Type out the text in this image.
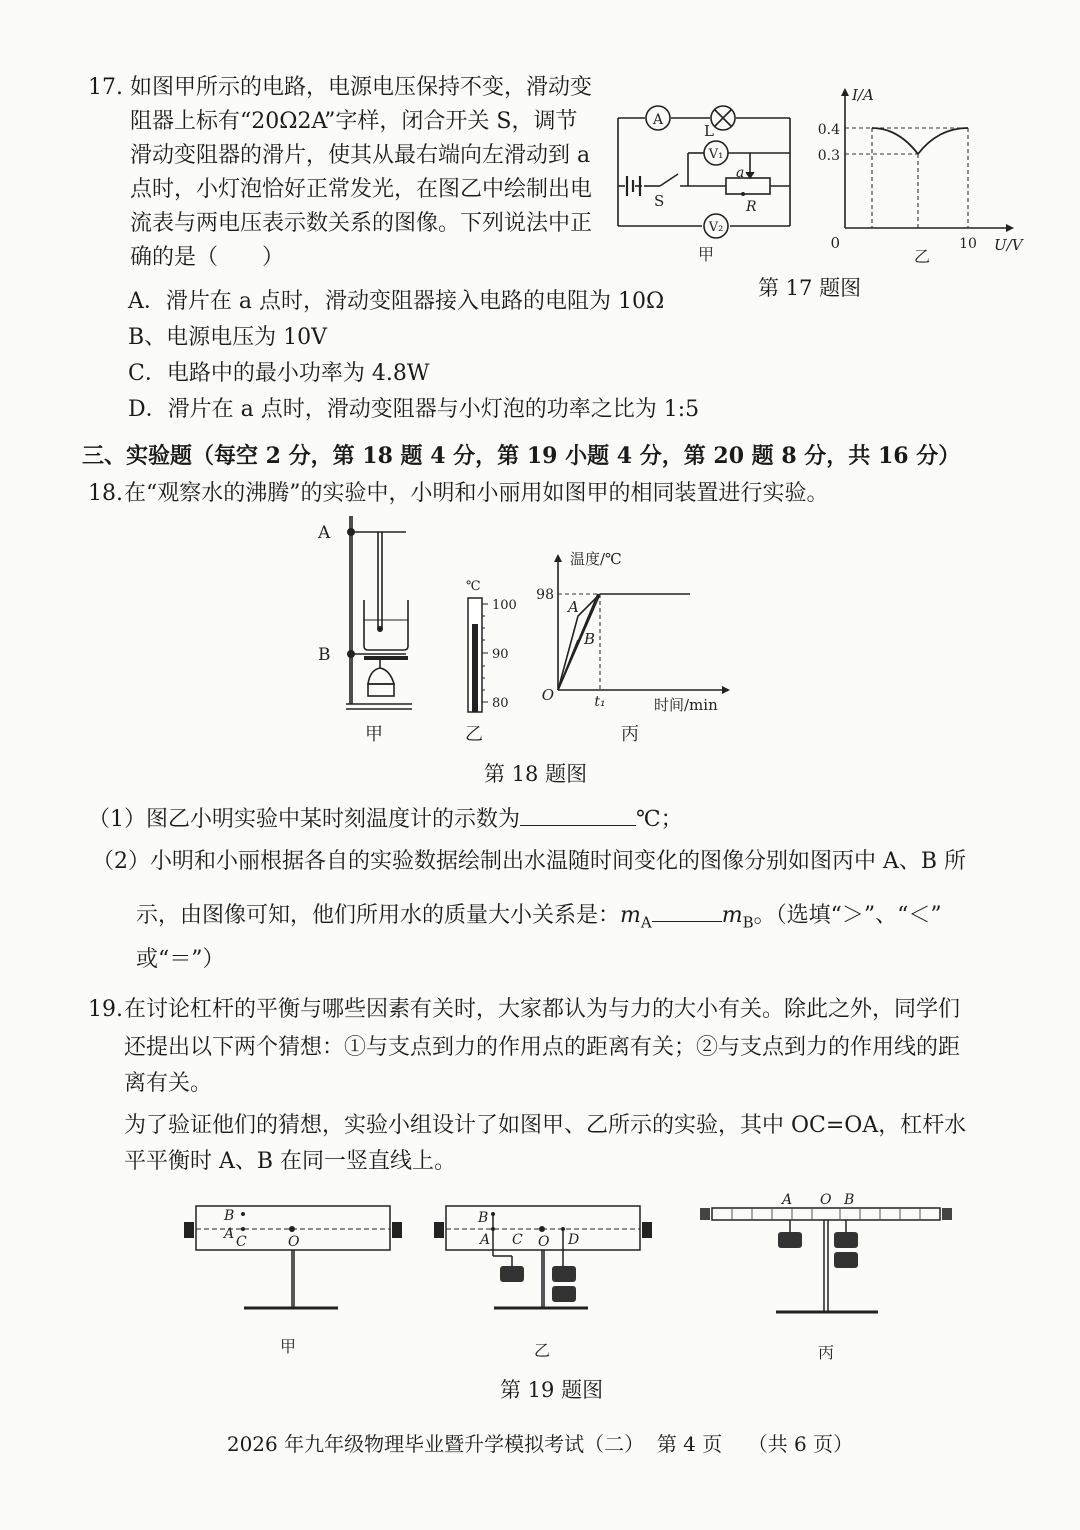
17. 如图甲所示的电路，电源电压保持不变，滑动变
阻器上标有“20Ω2A”字样，闭合开关 S，调节
滑动变阻器的滑片，使其从最右端向左滑动到 a
点时，小灯泡恰好正常发光，在图乙中绘制出电
流表与两电压表示数关系的图像。下列说法中正
确的是（　　）
A．滑片在 a 点时，滑动变阻器接入电路的电阻为 10Ω
B、电源电压为 10V
C．电路中的最小功率为 4.8W
D．滑片在 a 点时，滑动变阻器与小灯泡的功率之比为 1:5
A
L
V₁
V₂
S
a
R
甲
I/A
U/V
0
0.4
0.3
10
乙
第 17 题图
三、实验题（每空 2 分，第 18 题 4 分，第 19 小题 4 分，第 20 题 8 分，共 16 分）
18. 在“观察水的沸腾”的实验中，小明和小丽用如图甲的相同装置进行实验。
A
B
甲
℃
100
90
80
乙
温度/℃
时间/min
O
98
t₁
A
B
丙
第 18 题图
（1）图乙小明实验中某时刻温度计的示数为	℃；
（2）小明和小丽根据各自的实验数据绘制出水温随时间变化的图像分别如图丙中 A、B 所
示，由图像可知，他们所用水的质量大小关系是：$m_A$	$m_B$。（选填“＞”、“＜”
或“＝”）
19. 在讨论杠杆的平衡与哪些因素有关时，大家都认为与力的大小有关。除此之外，同学们
还提出以下两个猜想：①与支点到力的作用点的距离有关；②与支点到力的作用线的距
离有关。
为了验证他们的猜想，实验小组设计了如图甲、乙所示的实验，其中 OC=OA，杠杆水
平平衡时 A、B 在同一竖直线上。
B
A C	O
甲
B
A C O D
乙
A O B
丙
第 19 题图
2026 年九年级物理毕业暨升学模拟考试（二）  第 4 页    （共 6 页）
